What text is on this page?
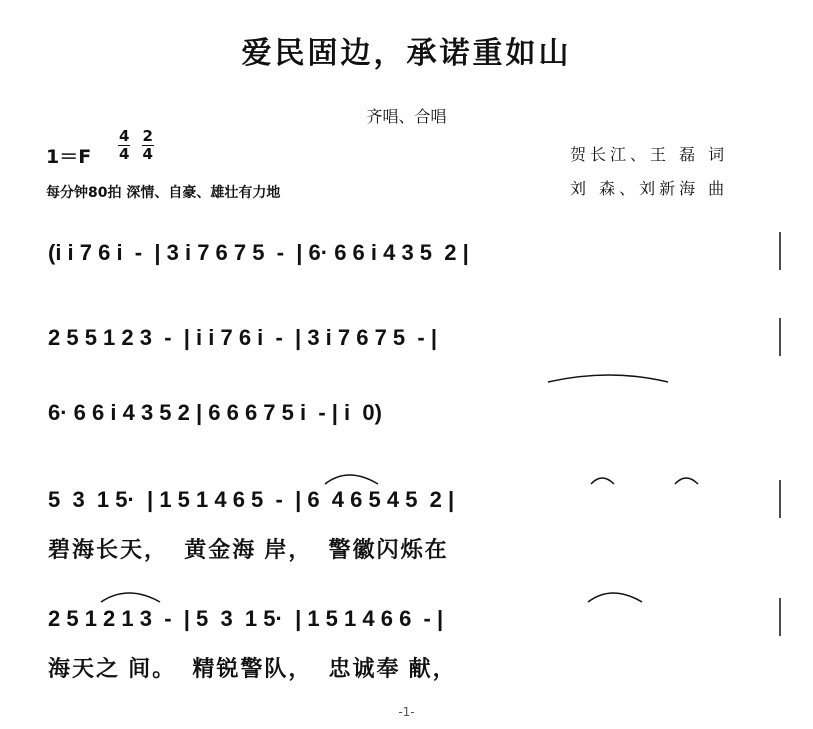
爱民固边，承诺重如山
齐唱、合唱
$1=F \frac{4}{4}$
$\frac{2}{4}$
每分钟80拍 深情、自豪、雄壮有力地
贺长江、王 磊 词
刘 森、刘新海 曲
(i i 7 6 i  -  | 3 i 7 6 7 5  -  | 6· 6 6 i 4 3 5  2 |
2 5 5 1 2 3  -  | i i 7 6 i  -  | 3 i 7 6 7 5  - |
6· 6 6 i 4 3 5 2 | 6 6 6 7 5 i  - | i  0)
5  3  1 5·  | 1 5 1 4 6 5  -  | 6  4 6 5 4 5  2 |
碧海长天，  黄金海 岸，  警徽闪烁在
2 5 1 2 1 3  -  | 5  3  1 5·  | 1 5 1 4 6 6  - |
海天之 间。  精锐警队，  忠诚奉 献，
-1-
